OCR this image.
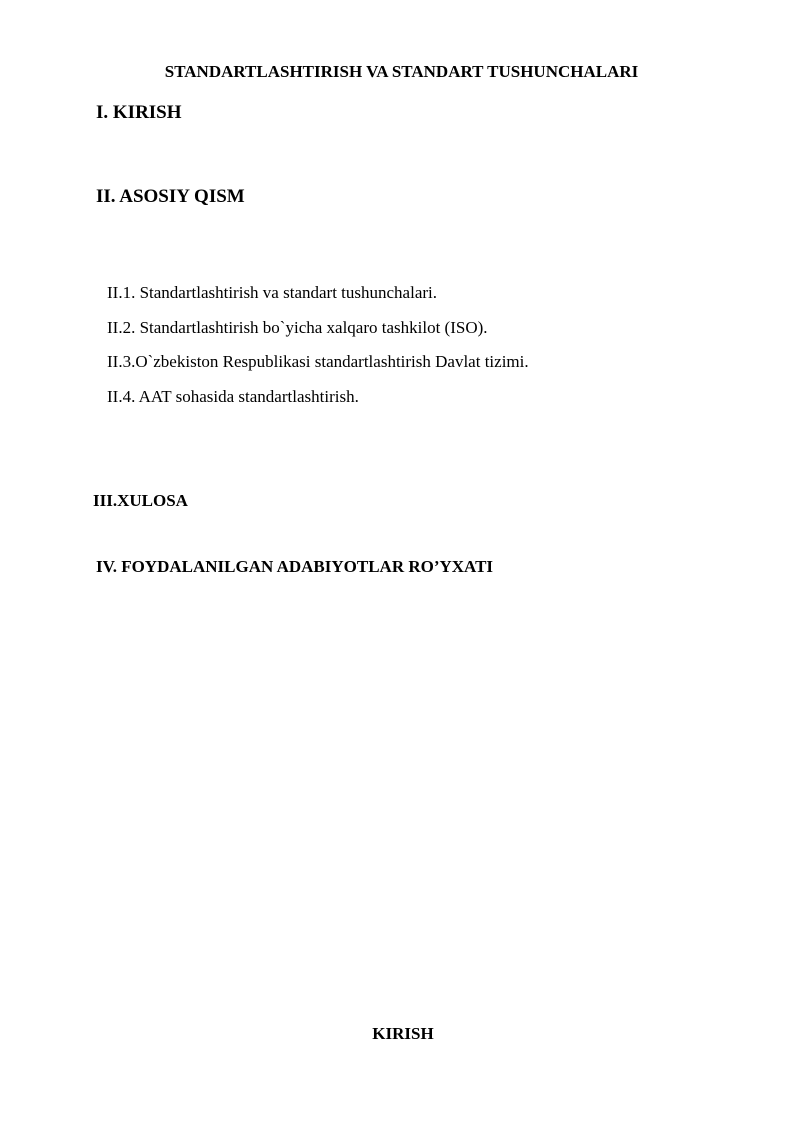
STANDARTLASHTIRISH VA STANDART TUSHUNCHALARI
I. KIRISH
II. ASOSIY QISM
II.1. Standartlashtirish va standart tushunchalari.
II.2. Standartlashtirish bo`yicha xalqaro tashkilot (ISO).
II.3.O`zbekiston Respublikasi standartlashtirish Davlat tizimi.
II.4. AAT sohasida standartlashtirish.
III.XULOSA
IV. FOYDALANILGAN ADABIYOTLAR RO’YXATI
KIRISH
